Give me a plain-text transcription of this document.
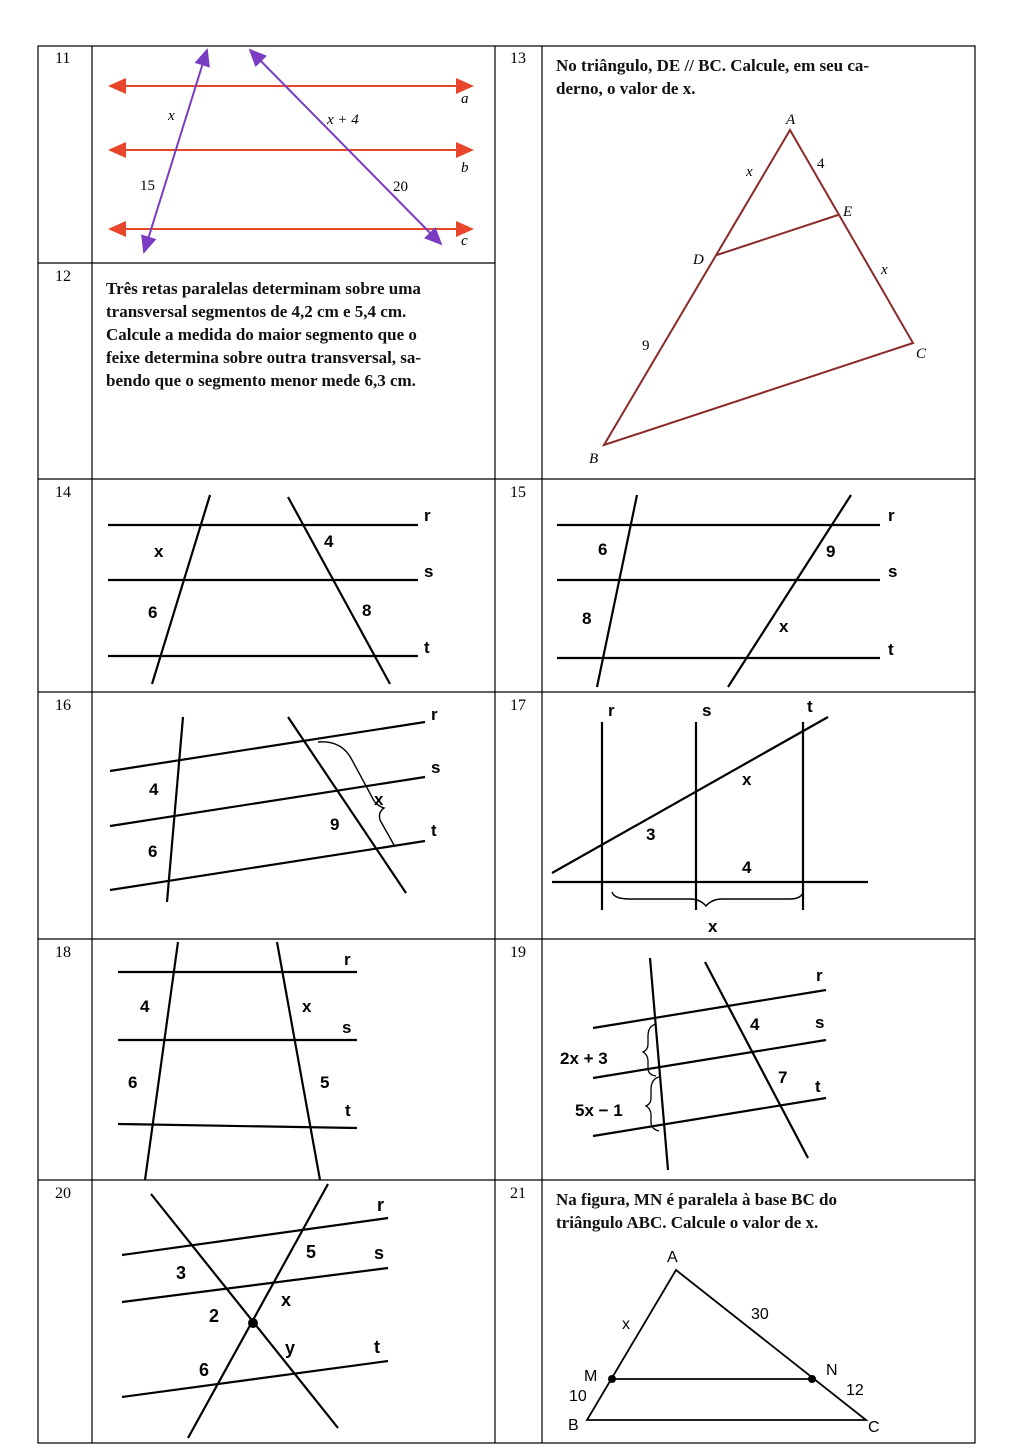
11
12
13
14	15
16	17
18	19
20	21
Três retas paralelas determinam sobre uma
transversal segmentos de 4,2 cm e 5,4 cm.
Calcule a medida do maior segmento que o
feixe determina sobre outra transversal, sa-
bendo que o segmento menor mede 6,3 cm.
No triângulo, DE // BC. Calcule, em seu ca-
derno, o valor de x.
Na figura, MN é paralela à base BC do
triângulo ABC. Calcule o valor de x.
a
b
c
x	x + 4
15	20
A
B
C
D
E
x
x
4
9
r
s
t
x
4
6	8
r
s
t
6	9
8	x
r
s
t
4
6
9
x
r	s	t
x
3
4
x
r
s
t
4	x
6	5
r
s
t
2x + 3
5x − 1
4
7
r
s
t
3
5
2
x
6
y
A
M	N
B	C
x
30
10	12
